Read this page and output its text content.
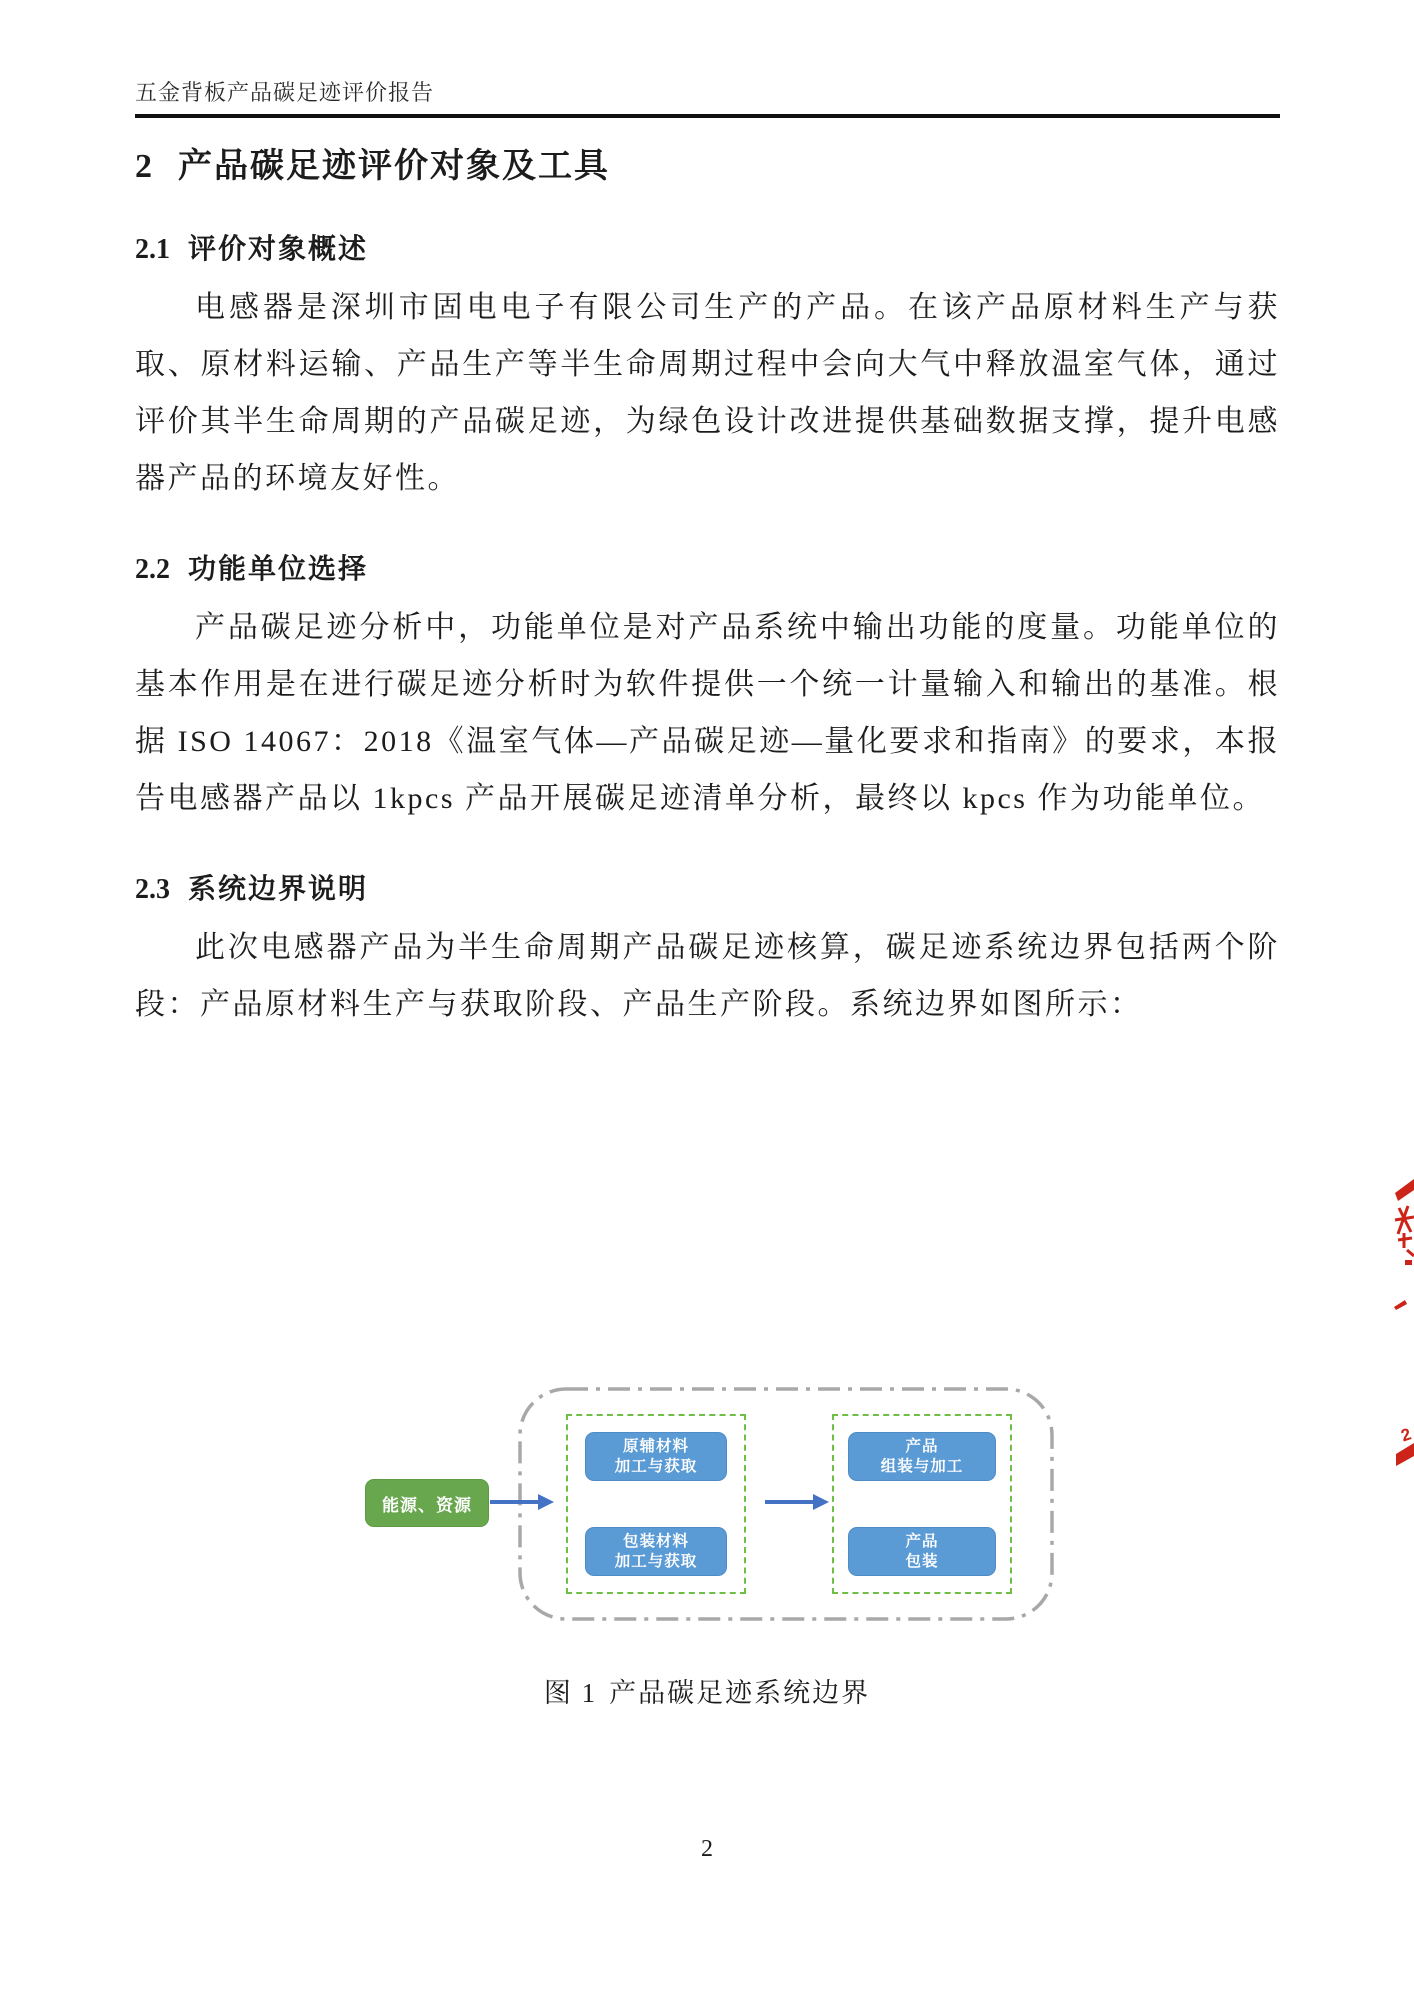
五金背板产品碳足迹评价报告
2 产品碳足迹评价对象及工具
2.1 评价对象概述

电感器是深圳市固电电子有限公司生产的产品。在该产品原材料生产与获取、原材料运输、产品生产等半生命周期过程中会向大气中释放温室气体，通过评价其半生命周期的产品碳足迹，为绿色设计改进提供基础数据支撑，提升电感器产品的环境友好性。

2.2 功能单位选择

产品碳足迹分析中，功能单位是对产品系统中输出功能的度量。功能单位的基本作用是在进行碳足迹分析时为软件提供一个统一计量输入和输出的基准。根据 ISO 14067：2018《温室气体—产品碳足迹—量化要求和指南》的要求，本报告电感器产品以 1kpcs 产品开展碳足迹清单分析，最终以 kpcs 作为功能单位。

2.3 系统边界说明

此次电感器产品为半生命周期产品碳足迹核算，碳足迹系统边界包括两个阶段：产品原材料生产与获取阶段、产品生产阶段。系统边界如图所示：

能源、资源
原辅材料
加工与获取
包装材料
加工与获取
产品
组装与加工
产品
包装
图 1 产品碳足迹系统边界
2
2
